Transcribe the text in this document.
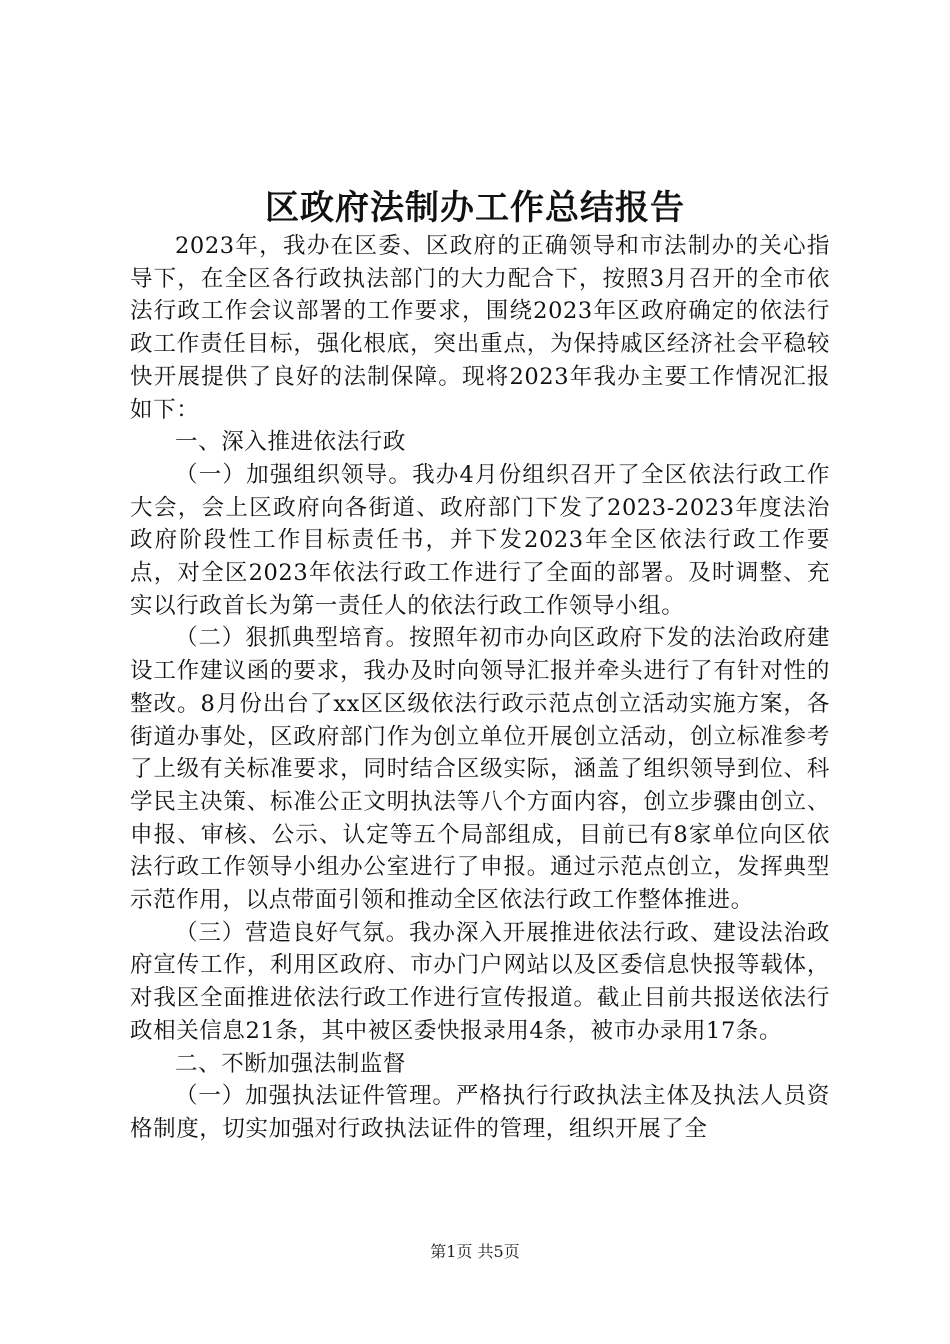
区政府法制办工作总结报告

2023年，我办在区委、区政府的正确领导和市法制办的关心指导下，在全区各行政执法部门的大力配合下，按照3月召开的全市依法行政工作会议部署的工作要求，围绕2023年区政府确定的依法行政工作责任目标，强化根底，突出重点，为保持戚区经济社会平稳较快开展提供了良好的法制保障。现将2023年我办主要工作情况汇报如下：

一、深入推进依法行政

（一）加强组织领导。我办4月份组织召开了全区依法行政工作大会，会上区政府向各街道、政府部门下发了2023-2023年度法治政府阶段性工作目标责任书，并下发2023年全区依法行政工作要点，对全区2023年依法行政工作进行了全面的部署。及时调整、充实以行政首长为第一责任人的依法行政工作领导小组。

（二）狠抓典型培育。按照年初市办向区政府下发的法治政府建设工作建议函的要求，我办及时向领导汇报并牵头进行了有针对性的整改。8月份出台了xx区区级依法行政示范点创立活动实施方案，各街道办事处，区政府部门作为创立单位开展创立活动，创立标准参考了上级有关标准要求，同时结合区级实际，涵盖了组织领导到位、科学民主决策、标准公正文明执法等八个方面内容，创立步骤由创立、申报、审核、公示、认定等五个局部组成，目前已有8家单位向区依法行政工作领导小组办公室进行了申报。通过示范点创立，发挥典型示范作用，以点带面引领和推动全区依法行政工作整体推进。

（三）营造良好气氛。我办深入开展推进依法行政、建设法治政府宣传工作，利用区政府、市办门户网站以及区委信息快报等载体，对我区全面推进依法行政工作进行宣传报道。截止目前共报送依法行政相关信息21条，其中被区委快报录用4条，被市办录用17条。

二、不断加强法制监督

（一）加强执法证件管理。严格执行行政执法主体及执法人员资格制度，切实加强对行政执法证件的管理，组织开展了全

第1页 共5页
